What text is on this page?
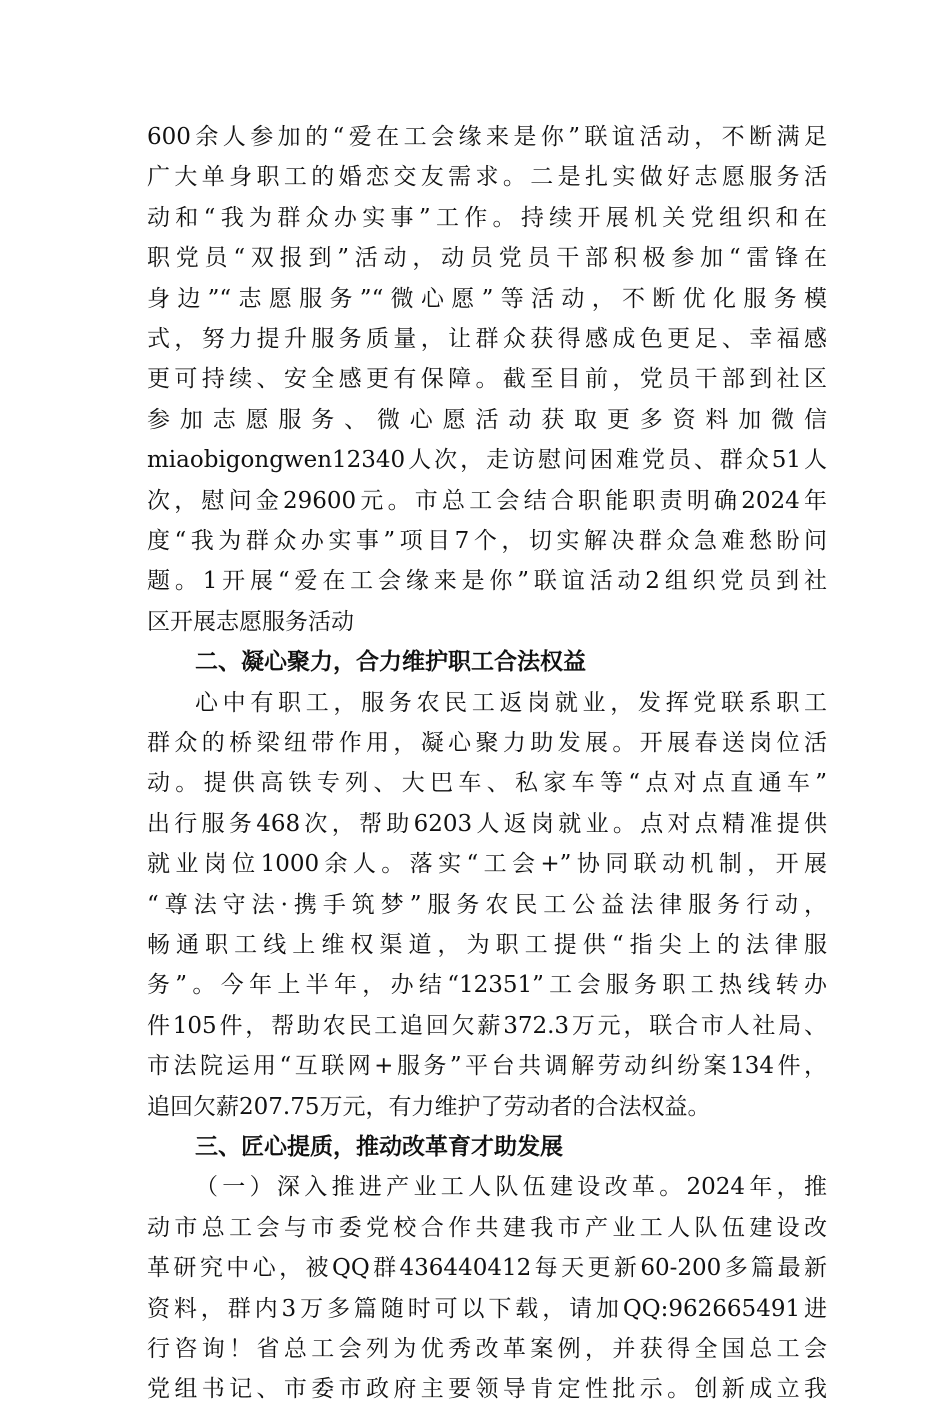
600余人参加的“爱在工会缘来是你”联谊活动，不断满足
广大单身职工的婚恋交友需求。二是扎实做好志愿服务活
动和“我为群众办实事”工作。持续开展机关党组织和在
职党员“双报到”活动，动员党员干部积极参加“雷锋在
身边”“志愿服务”“微心愿”等活动，不断优化服务模
式，努力提升服务质量，让群众获得感成色更足、幸福感
更可持续、安全感更有保障。截至目前，党员干部到社区
参加志愿服务、微心愿活动获取更多资料加微信
miaobigongwen12340人次，走访慰问困难党员、群众51人
次，慰问金29600元。市总工会结合职能职责明确2024年
度“我为群众办实事”项目7个，切实解决群众急难愁盼问
题。1开展“爱在工会缘来是你”联谊活动2组织党员到社
区开展志愿服务活动
二、凝心聚力，合力维护职工合法权益
心中有职工，服务农民工返岗就业，发挥党联系职工
群众的桥梁纽带作用，凝心聚力助发展。开展春送岗位活
动。提供高铁专列、大巴车、私家车等“点对点直通车”
出行服务468次，帮助6203人返岗就业。点对点精准提供
就业岗位1000余人。落实“工会+”协同联动机制，开展
“尊法守法·携手筑梦”服务农民工公益法律服务行动，
畅通职工线上维权渠道，为职工提供“指尖上的法律服
务”。今年上半年，办结“12351”工会服务职工热线转办
件105件，帮助农民工追回欠薪372.3万元，联合市人社局、
市法院运用“互联网+服务”平台共调解劳动纠纷案134件，
追回欠薪207.75万元，有力维护了劳动者的合法权益。
三、匠心提质，推动改革育才助发展
（一）深入推进产业工人队伍建设改革。2024年，推
动市总工会与市委党校合作共建我市产业工人队伍建设改
革研究中心，被QQ群436440412每天更新60-200多篇最新
资料，群内3万多篇随时可以下载，请加QQ:962665491进
行咨询！省总工会列为优秀改革案例，并获得全国总工会
党组书记、市委市政府主要领导肯定性批示。创新成立我
